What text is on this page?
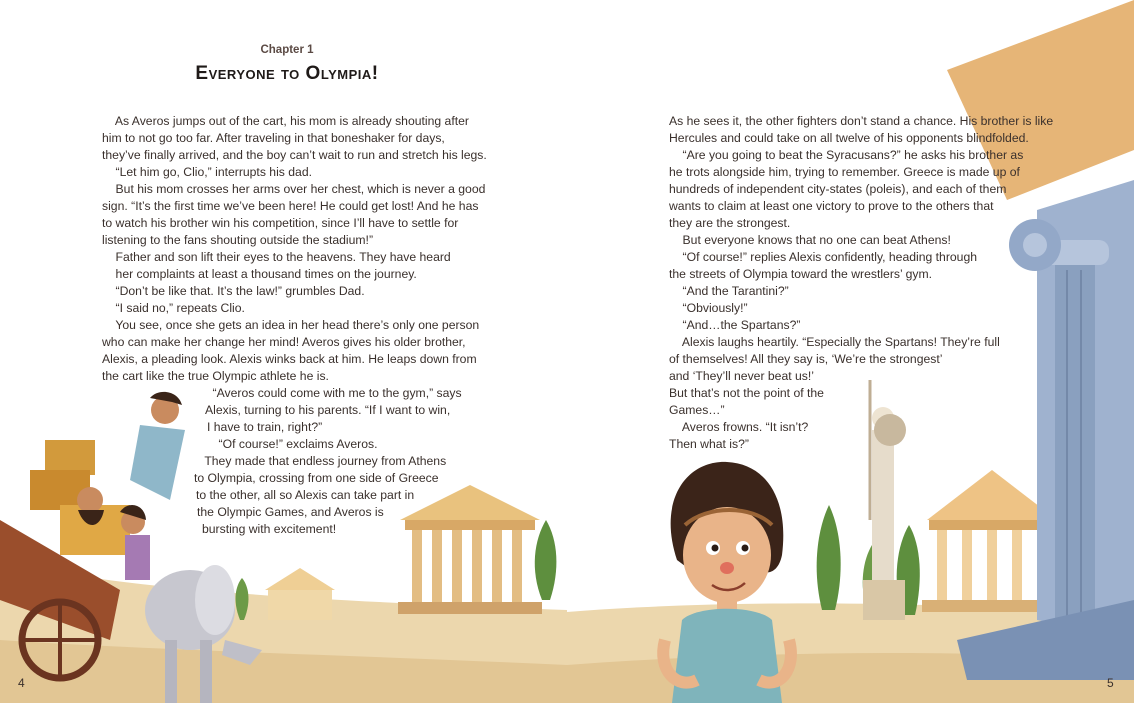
Chapter 1
Everyone to Olympia!
As Averos jumps out of the cart, his mom is already shouting after
him to not go too far. After traveling in that boneshaker for days,
they’ve finally arrived, and the boy can’t wait to run and stretch his legs.
“Let him go, Clio,” interrupts his dad.
But his mom crosses her arms over her chest, which is never a good
sign. “It’s the first time we’ve been here! He could get lost! And he has
to watch his brother win his competition, since I’ll have to settle for
listening to the fans shouting outside the stadium!”
Father and son lift their eyes to the heavens. They have heard
her complaints at least a thousand times on the journey.
“Don’t be like that. It’s the law!” grumbles Dad.
“I said no,” repeats Clio.
You see, once she gets an idea in her head there’s only one person
who can make her change her mind! Averos gives his older brother,
Alexis, a pleading look. Alexis winks back at him. He leaps down from
the cart like the true Olympic athlete he is.
“Averos could come with me to the gym,” says
Alexis, turning to his parents. “If I want to win,
I have to train, right?”
“Of course!” exclaims Averos.
They made that endless journey from Athens
to Olympia, crossing from one side of Greece
to the other, all so Alexis can take part in
the Olympic Games, and Averos is
bursting with excitement!
4
As he sees it, the other fighters don’t stand a chance. His brother is like
Hercules and could take on all twelve of his opponents blindfolded.
“Are you going to beat the Syracusans?” he asks his brother as
he trots alongside him, trying to remember. Greece is made up of
hundreds of independent city-states (poleis), and each of them
wants to claim at least one victory to prove to the others that
they are the strongest.
But everyone knows that no one can beat Athens!
“Of course!” replies Alexis confidently, heading through
the streets of Olympia toward the wrestlers’ gym.
“And the Tarantini?”
“Obviously!”
“And…the Spartans?”
Alexis laughs heartily. “Especially the Spartans! They’re full
of themselves! All they say is, ‘We’re the strongest’
and ‘They’ll never beat us!’
But that’s not the point of the
Games…”
Averos frowns. “It isn’t?
Then what is?”
5
